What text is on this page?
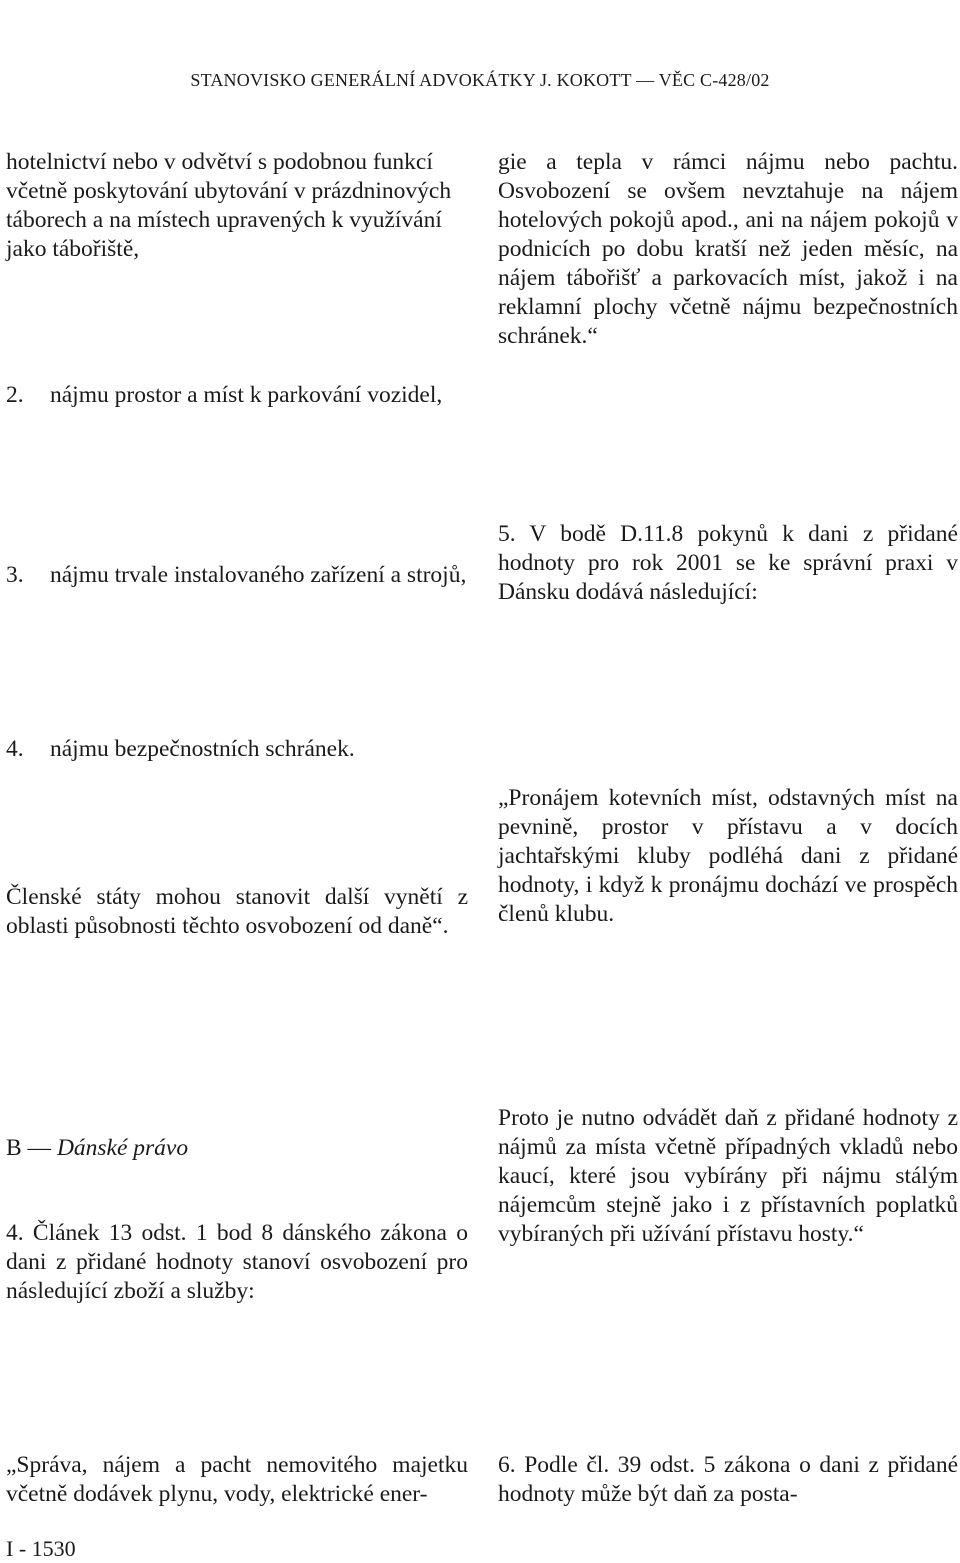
STANOVISKO GENERÁLNÍ ADVOKÁTKY J. KOKOTT — VĚC C-428/02

hotelnictví nebo v odvětví s podobnou funkcí včetně poskytování ubytování v prázdninových táborech a na místech upravených k využívání jako tábořiště,

2.	nájmu prostor a míst k parkování vozidel,
3.	nájmu trvale instalovaného zařízení a strojů,
4.	nájmu bezpečnostních schránek.

Členské státy mohou stanovit další vynětí z oblasti působnosti těchto osvobození od daně“.

B — Dánské právo

4. Článek 13 odst. 1 bod 8 dánského zákona o dani z přidané hodnoty stanoví osvobození pro následující zboží a služby:

„Správa, nájem a pacht nemovitého majetku včetně dodávek plynu, vody, elektrické ener-

gie a tepla v rámci nájmu nebo pachtu. Osvobození se ovšem nevztahuje na nájem hotelových pokojů apod., ani na nájem pokojů v podnicích po dobu kratší než jeden měsíc, na nájem tábořišť a parkovacích míst, jakož i na reklamní plochy včetně nájmu bezpečnostních schránek.“

5. V bodě D.11.8 pokynů k dani z přidané hodnoty pro rok 2001 se ke správní praxi v Dánsku dodává následující:

„Pronájem kotevních míst, odstavných míst na pevnině, prostor v přístavu a v docích jachtařskými kluby podléhá dani z přidané hodnoty, i když k pronájmu dochází ve prospěch členů klubu.

Proto je nutno odvádět daň z přidané hodnoty z nájmů za místa včetně případných vkladů nebo kaucí, které jsou vybírány při nájmu stálým nájemcům stejně jako i z přístavních poplatků vybíraných při užívání přístavu hosty.“

6. Podle čl. 39 odst. 5 zákona o dani z přidané hodnoty může být daň za posta-

I - 1530
